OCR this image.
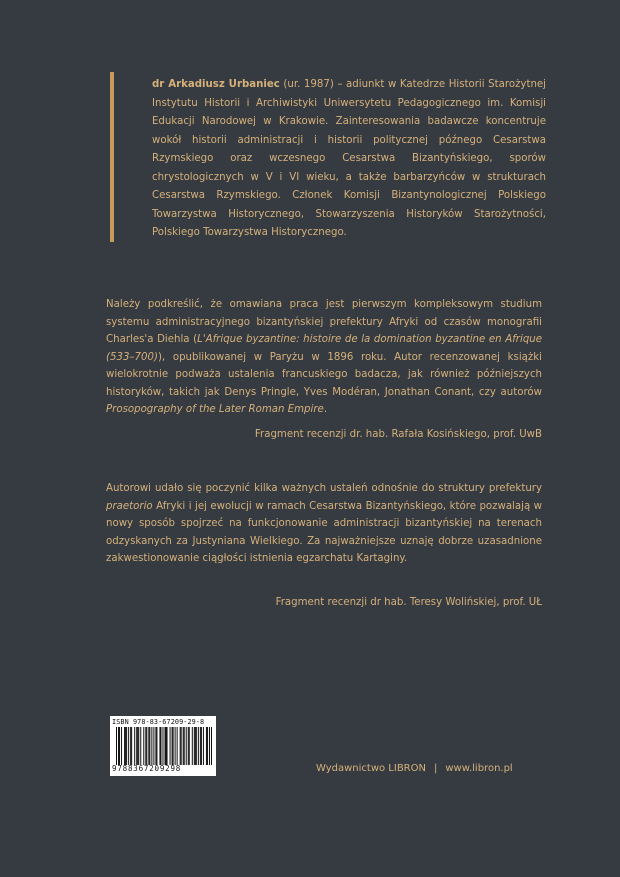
dr Arkadiusz Urbaniec (ur. 1987) – adiunkt w Katedrze Historii Starożytnej Instytutu Historii i Archiwistyki Uniwersytetu Pedagogicznego im. Komisji Edukacji Narodowej w Krakowie. Zainteresowania badawcze koncentruje wokół historii administracji i historii politycznej późnego Cesarstwa Rzymskiego oraz wczesnego Cesarstwa Bizantyńskiego, sporów chrystologicznych w V i VI wieku, a także barbarzyńców w strukturach Cesarstwa Rzymskiego. Członek Komisji Bizantynologicznej Polskiego Towarzystwa Historycznego, Stowarzyszenia Historyków Starożytności, Polskiego Towarzystwa Historycznego.
Należy podkreślić, że omawiana praca jest pierwszym kompleksowym studium systemu administracyjnego bizantyńskiej prefektury Afryki od czasów monografii Charles'a Diehla (L'Afrique byzantine: histoire de la domination byzantine en Afrique (533–700)), opublikowanej w Paryżu w 1896 roku. Autor recenzowanej książki wielokrotnie podważa ustalenia francuskiego badacza, jak również późniejszych historyków, takich jak Denys Pringle, Yves Modéran, Jonathan Conant, czy autorów Prosopography of the Later Roman Empire.
Fragment recenzji dr. hab. Rafała Kosińskiego, prof. UwB
Autorowi udało się poczynić kilka ważnych ustaleń odnośnie do struktury prefektury praetorio Afryki i jej ewolucji w ramach Cesarstwa Bizantyńskiego, które pozwalają w nowy sposób spojrzeć na funkcjonowanie administracji bizantyńskiej na terenach odzyskanych za Justyniana Wielkiego. Za najważniejsze uznaję dobrze uzasadnione zakwestionowanie ciągłości istnienia egzarchatu Kartaginy.
Fragment recenzji dr hab. Teresy Wolińskiej, prof. UŁ
ISBN 978-83-67209-29-8
9788367209298	Wydawnictwo LIBRON | www.libron.pl
